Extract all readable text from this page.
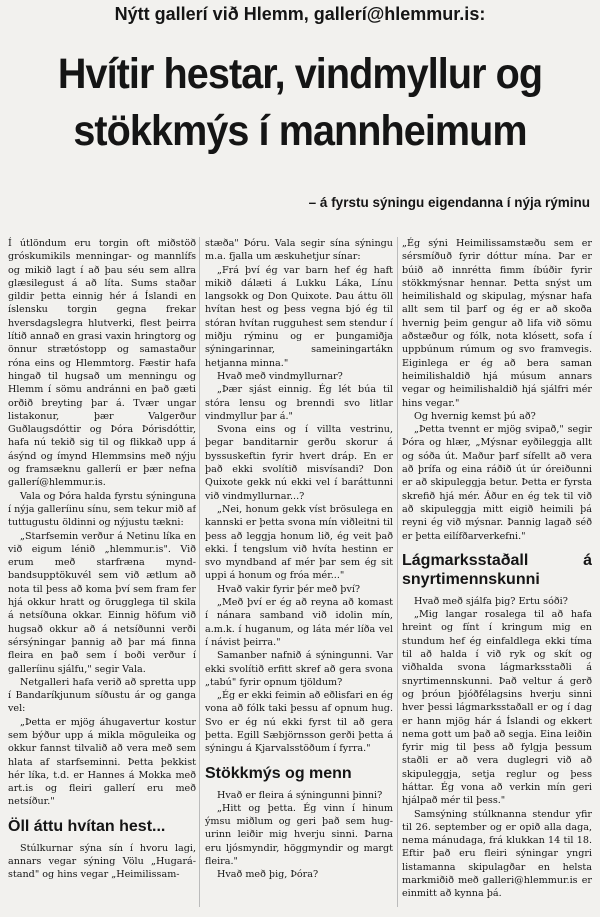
Nýtt gallerí við Hlemm, gallerí@hlemmur.is:
Hvítir hestar, vindmyllur og
stökkmýs í mannheimum
– á fyrstu sýningu eigendanna í nýja rýminu

Í útlöndum eru torgin oft miðstöð gróskumikils menningar- og mannlífs og mikið lagt í að þau séu sem allra glæsilegust á að líta. Sums staðar gildir þetta einnig hér á Íslandi en íslensku torgin gegna frekar hversdagslegra hlutverki, flest þeirra lítið annað en grasi vaxin hringtorg og önnur strætóstopp og samastaður róna eins og Hlemmtorg. Fæstir hafa hingað til hugsað um menningu og Hlemm í sömu andránni en það gæti orðið breyting þar á. Tvær ungar listakonur, þær Valgerður Guðlaugsdóttir og Þóra Þórisdóttir, hafa nú tekið sig til og flikkað upp á ásýnd og ímynd Hlemmsins með nýju og framsæknu galleríi er þær nefna gallerí@hlemmur.is.

Vala og Þóra halda fyrstu sýninguna í nýja galleríinu sínu, sem tekur mið af tuttugustu öldinni og nýjustu tækni:

„Starfsemin verður á Netinu líka en við eigum lénið „hlemmur.is". Við erum með starfræna myndbandsupptökuvél sem við ætlum að nota til þess að koma því sem fram fer hjá okkur hratt og örugglega til skila á netsíðuna okkar. Einnig höfum við hugsað okkur að á netsíðunni verði sérsýningar þannig að þar má finna fleira en það sem í boði verður í galleríinu sjálfu," segir Vala.

Netgalleri hafa verið að spretta upp í Bandaríkjunum síðustu ár og ganga vel:

„Þetta er mjög áhugavertur kostur sem býður upp á mikla möguleika og okkur fannst tilvalið að vera með sem hlata af starfseminni. Þetta þekkist hér líka, t.d. er Hannes á Mokka með art.is og fleiri gallerí eru með netsíður."

Öll áttu hvítan hest...

Stúlkurnar sýna sín í hvoru lagi, annars vegar sýning Völu „Hugarástand" og hins vegar „Heimilissam-

stæða" Þóru. Vala segir sína sýningu m.a. fjalla um æskuhetjur sínar:

„Frá því ég var barn hef ég haft mikið dálæti á Lukku Láka, Línu langsokk og Don Quixote. Þau áttu öll hvítan hest og þess vegna bjó ég til stóran hvítan rugguhest sem stendur í miðju rýminu og er þungamiðja sýningarinnar, sameiningartákn hetjanna minna."

Hvað með vindmyllurnar?

„Þær sjást einnig. Ég lét búa til stóra lensu og brenndi svo litlar vindmyllur þar á."

Svona eins og í villta vestrinu, þegar banditarnir gerðu skorur á byssuskeftin fyrir hvert dráp. En er það ekki svolítið misvísandi? Don Quixote gekk nú ekki vel í baráttunni við vindmyllurnar...?

„Nei, honum gekk víst brösulega en kannski er þetta svona mín viðleitni til þess að leggja honum lið, ég veit það ekki. Í tengslum við hvíta hestinn er svo myndband af mér þar sem ég sit uppi á honum og fróa mér..."

Hvað vakir fyrir þér með því?

„Með því er ég að reyna að komast í nánara samband við idolin mín, a.m.k. í huganum, og láta mér líða vel í návist þeirra."

Samanber nafnið á sýningunni. Var ekki svolítið erfitt skref að gera svona „tabú" fyrir opnum tjöldum?

„Ég er ekki feimin að eðlisfari en ég vona að fólk taki þessu af opnum hug. Svo er ég nú ekki fyrst til að gera þetta. Egill Sæbjörnsson gerði þetta á sýningu á Kjarvalsstöðum í fyrra."

Stökkmýs og menn

Hvað er fleira á sýningunni þinni?

„Hitt og þetta. Ég vinn í hinum ýmsu miðlum og geri það sem hugurinn leiðir mig hverju sinni. Þarna eru ljósmyndir, höggmyndir og margt fleira."

Hvað með þig, Þóra?

„Ég sýni Heimilissamstæðu sem er sérsmíðuð fyrir dóttur mína. Þar er búið að innrétta fimm íbúðir fyrir stökkmýsnar hennar. Þetta snýst um heimilishald og skipulag, mýsnar hafa allt sem til þarf og ég er að skoða hvernig þeim gengur að lifa við sömu aðstæður og fólk, nota klósett, sofa í uppbúnum rúmum og svo framvegis. Eiginlega er ég að bera saman heimilishaldið hjá músum annars vegar og heimilishaldið hjá sjálfri mér hins vegar."

Og hvernig kemst þú að?

„Þetta tvennt er mjög svipað," segir Þóra og hlær, „Mýsnar eyðileggja allt og sóða út. Maður þarf sífellt að vera að þrífa og eina ráðið út úr óreiðunni er að skipuleggja betur. Þetta er fyrsta skrefið hjá mér. Áður en ég tek til við að skipuleggja mitt eigið heimili þá reyni ég við mýsnar. Þannig lagað séð er þetta eilífðarverkefni."

Lágmarksstaðall á snyrtimennskunni

Hvað með sjálfa þig? Ertu sóði?

„Mig langar rosalega til að hafa hreint og fínt í kringum mig en stundum hef ég einfaldlega ekki tíma til að halda í við ryk og skít og viðhalda svona lágmarksstaðli á snyrtimennskunni. Það veltur á gerð og þróun þjóðfélagsins hverju sinni hver þessi lágmarksstaðall er og í dag er hann mjög hár á Íslandi og ekkert nema gott um það að segja. Eina leiðin fyrir mig til þess að fylgja þessum staðli er að vera duglegri við að skipuleggja, setja reglur og þess háttar. Ég vona að verkin mín geri hjálpað mér til þess."

Samsýning stúlknanna stendur yfir til 26. september og er opið alla daga, nema mánudaga, frá klukkan 14 til 18. Eftir það eru fleiri sýningar yngri listamanna skipulagðar en helsta markmiðið með galleri@hlemmur.is er einmitt að kynna þá.
